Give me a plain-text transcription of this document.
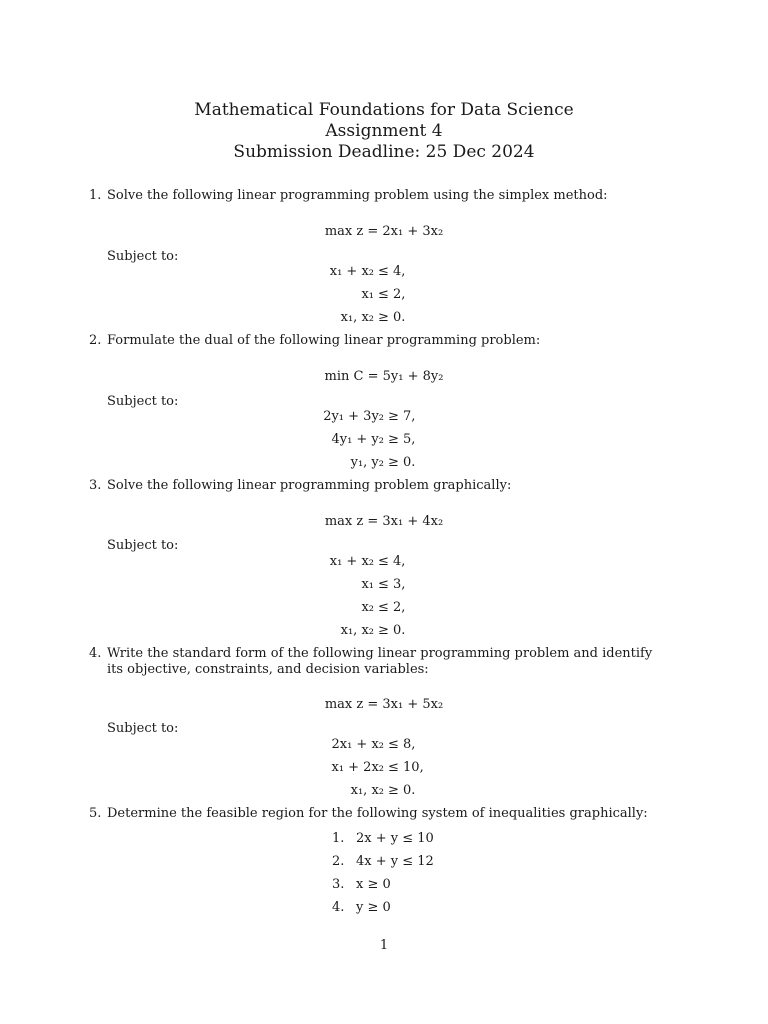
Mathematical Foundations for Data Science
Assignment 4
Submission Deadline: 25 Dec 2024
1. Solve the following linear programming problem using the simplex method:
max z = 2x₁ + 3x₂
Subject to:
x₁ + x₂ ≤ 4,
x₁ ≤ 2,
x₁, x₂ ≥ 0.
2. Formulate the dual of the following linear programming problem:
min C = 5y₁ + 8y₂
Subject to:
2y₁ + 3y₂ ≥ 7,
4y₁ + y₂ ≥ 5,
y₁, y₂ ≥ 0.
3. Solve the following linear programming problem graphically:
max z = 3x₁ + 4x₂
Subject to:
x₁ + x₂ ≤ 4,
x₁ ≤ 3,
x₂ ≤ 2,
x₁, x₂ ≥ 0.
4. Write the standard form of the following linear programming problem and identify its objective, constraints, and decision variables:
max z = 3x₁ + 5x₂
Subject to:
2x₁ + x₂ ≤ 8,
x₁ + 2x₂ ≤ 10,
x₁, x₂ ≥ 0.
5. Determine the feasible region for the following system of inequalities graphically:
1. 2x + y ≤ 10
2. 4x + y ≤ 12
3. x ≥ 0
4. y ≥ 0
1
